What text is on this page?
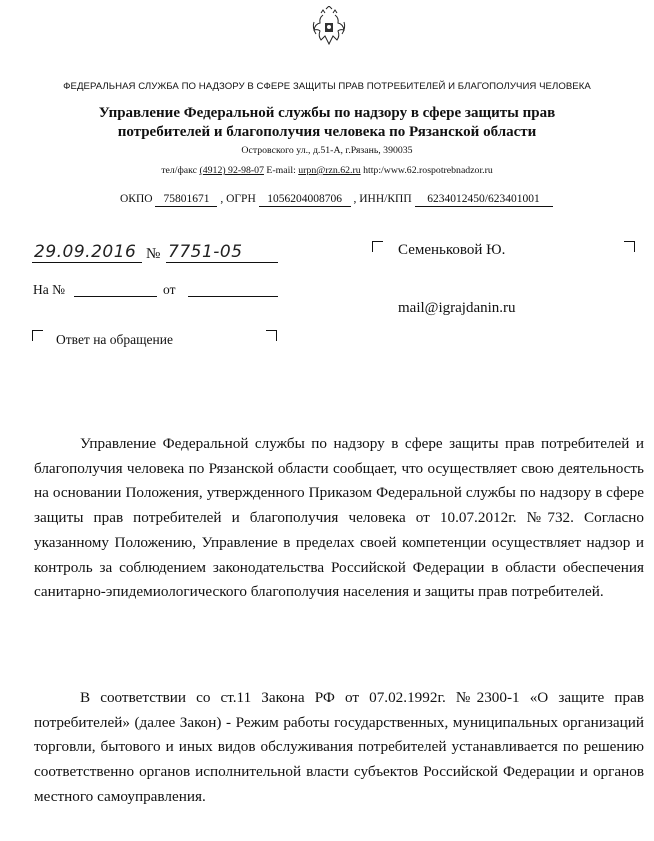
ФЕДЕРАЛЬНАЯ СЛУЖБА ПО НАДЗОРУ В СФЕРЕ ЗАЩИТЫ ПРАВ ПОТРЕБИТЕЛЕЙ И БЛАГОПОЛУЧИЯ ЧЕЛОВЕКА
Управление Федеральной службы по надзору в сфере защиты прав
потребителей и благополучия человека по Рязанской области
Островского ул., д.51-А, г.Рязань, 390035
тел/факс (4912) 92-98-07 E-mail: urpn@rzn.62.ru http:/www.62.rospotrebnadzor.ru
ОКПО 75801671 , ОГРН 1056204008706 , ИНН/КПП 6234012450/623401001
29.09.2016 № 7751-05
На №	от
Ответ на обращение
Семеньковой Ю.
mail@igrajdanin.ru
Управление Федеральной службы по надзору в сфере защиты прав потребителей и благополучия человека по Рязанской области сообщает, что осуществляет свою деятельность на основании Положения, утвержденного Приказом Федеральной службы по надзору в сфере защиты прав потребителей и благополучия человека от 10.07.2012г. №732. Согласно указанному Положению, Управление в пределах своей компетенции осуществляет надзор и контроль за соблюдением законодательства Российской Федерации в области обеспечения санитарно-эпидемиологического благополучия населения и защиты прав потребителей.
В соответствии со ст.11 Закона РФ от 07.02.1992г. №2300-1 «О защите прав потребителей» (далее Закон) - Режим работы государственных, муниципальных организаций торговли, бытового и иных видов обслуживания потребителей устанавливается по решению соответственно органов исполнительной власти субъектов Российской Федерации и органов местного самоуправления.
